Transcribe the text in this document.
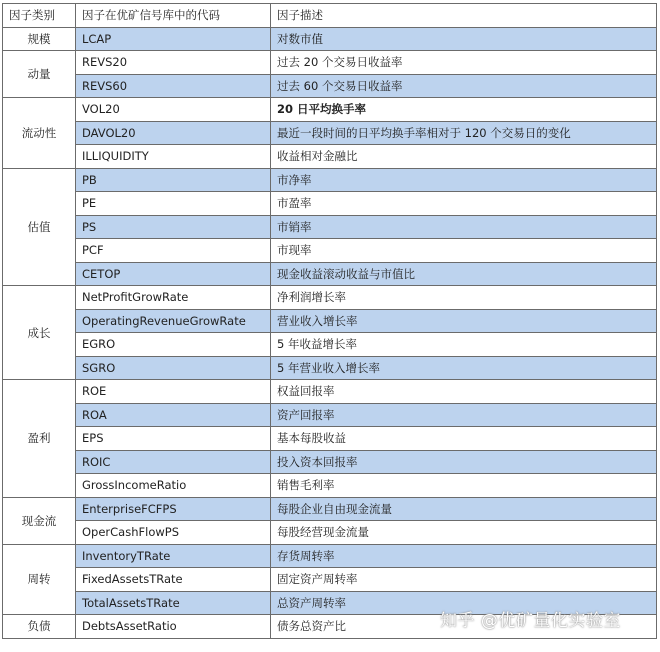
因子类别	因子在优矿信号库中的代码	因子描述
规模	LCAP	对数市值
动量	REVS20	过去 20 个交易日收益率
	REVS60	过去 60 个交易日收益率
流动性	VOL20	20 日平均换手率
	DAVOL20	最近一段时间的日平均换手率相对于 120 个交易日的变化
	ILLIQUIDITY	收益相对金融比
估值	PB	市净率
	PE	市盈率
	PS	市销率
	PCF	市现率
	CETOP	现金收益滚动收益与市值比
成长	NetProfitGrowRate	净利润增长率
	OperatingRevenueGrowRate	营业收入增长率
	EGRO	5 年收益增长率
	SGRO	5 年营业收入增长率
盈利	ROE	权益回报率
	ROA	资产回报率
	EPS	基本每股收益
	ROIC	投入资本回报率
	GrossIncomeRatio	销售毛利率
现金流	EnterpriseFCFPS	每股企业自由现金流量
	OperCashFlowPS	每股经营现金流量
周转	InventoryTRate	存货周转率
	FixedAssetsTRate	固定资产周转率
	TotalAssetsTRate	总资产周转率
负债	DebtsAssetRatio	债务总资产比	知乎 @优矿量化实验室
